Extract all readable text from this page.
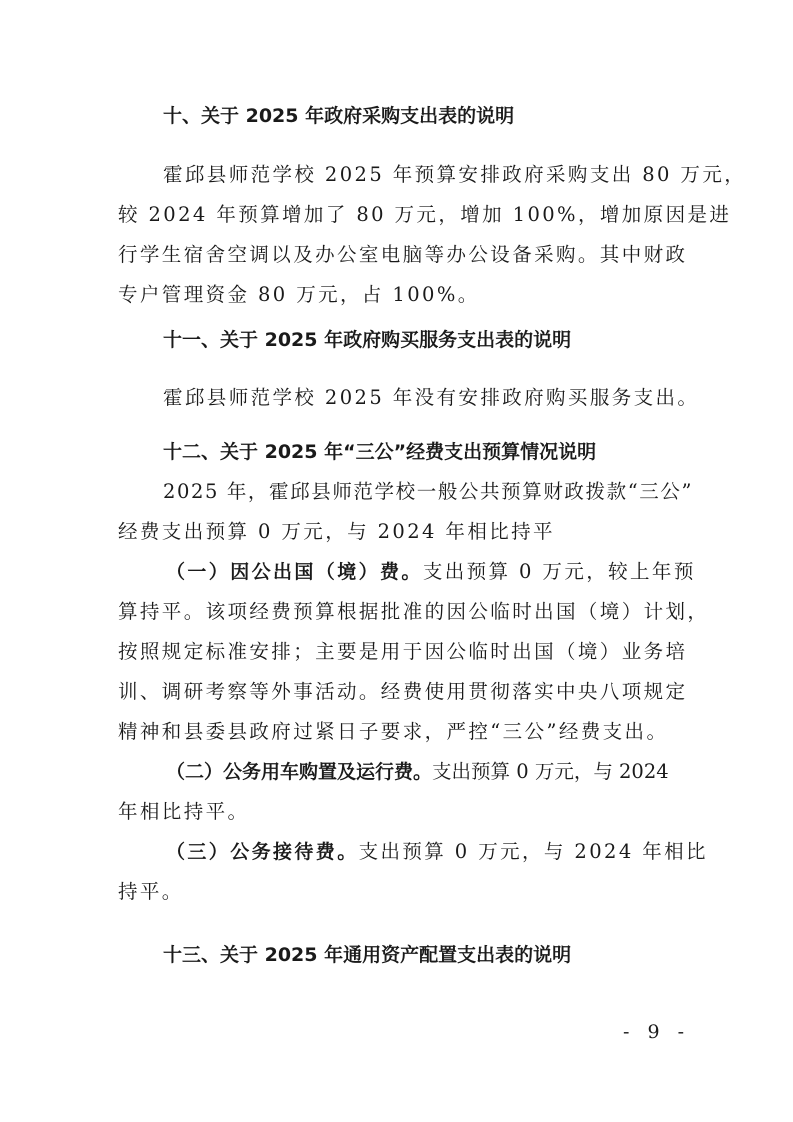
十、关于 2025 年政府采购支出表的说明
霍邱县师范学校 2025 年预算安排政府采购支出 80 万元，
较 2024 年预算增加了 80 万元，增加 100%，增加原因是进
行学生宿舍空调以及办公室电脑等办公设备采购。其中财政
专户管理资金 80 万元，占 100%。
十一、关于 2025 年政府购买服务支出表的说明
霍邱县师范学校 2025 年没有安排政府购买服务支出。
十二、关于 2025 年“三公”经费支出预算情况说明
2025 年，霍邱县师范学校一般公共预算财政拨款“三公”
经费支出预算 0 万元，与 2024 年相比持平
（一）因公出国（境）费。支出预算 0 万元，较上年预
算持平。该项经费预算根据批准的因公临时出国（境）计划，
按照规定标准安排；主要是用于因公临时出国（境）业务培
训、调研考察等外事活动。经费使用贯彻落实中央八项规定
精神和县委县政府过紧日子要求，严控“三公”经费支出。
（二）公务用车购置及运行费。支出预算 0 万元，与 2024
年相比持平。
（三）公务接待费。支出预算 0 万元，与 2024 年相比
持平。
十三、关于 2025 年通用资产配置支出表的说明
- 9 -
